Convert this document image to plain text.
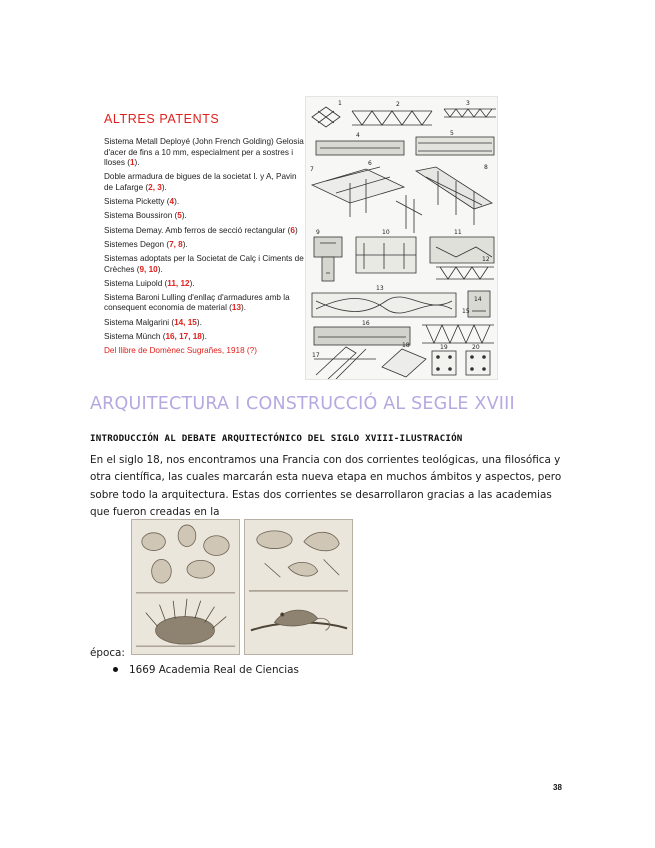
ALTRES PATENTS
Sistema Metall Deployé (John French Golding) Gelosia d'acer de fins a 10 mm, especialment per a sostres i lloses (1).
Doble armadura de bigues de la societat I. y A, Pavin de Lafarge (2, 3).
Sistema Picketty (4).
Sistema Boussiron (5).
Sistema Demay. Amb ferros de secció rectangular (6)
Sistemes Degon (7, 8).
Sistemas adoptats per la Societat de Calç i Ciments de Crèches (9, 10).
Sistema Luipold (11, 12).
Sistema Baroni Lulling d'enllaç d'armadures amb la consequent economia de material (13).
Sistema Malgarini (14, 15).
Sistema Münch (16, 17, 18).
Del llibre de Domènec Sugrañes, 1918 (?)
1	2	3
4	5
6
7	8
9	10	11
12
13
14
15
16
17
18	19	20
ARQUITECTURA I CONSTRUCCIÓ AL SEGLE XVIII
INTRODUCCIÓN AL DEBATE ARQUITECTÓNICO DEL SIGLO XVIII-ILUSTRACIÓN
En el siglo 18, nos encontramos una Francia con dos corrientes teológicas, una filosófica y otra científica, las cuales marcarán esta nueva etapa en muchos ámbitos y aspectos, pero sobre todo la arquitectura. Estas dos corrientes se desarrollaron gracias a las academias que fueron creadas en la
época:
1669 Academia Real de Ciencias
38
